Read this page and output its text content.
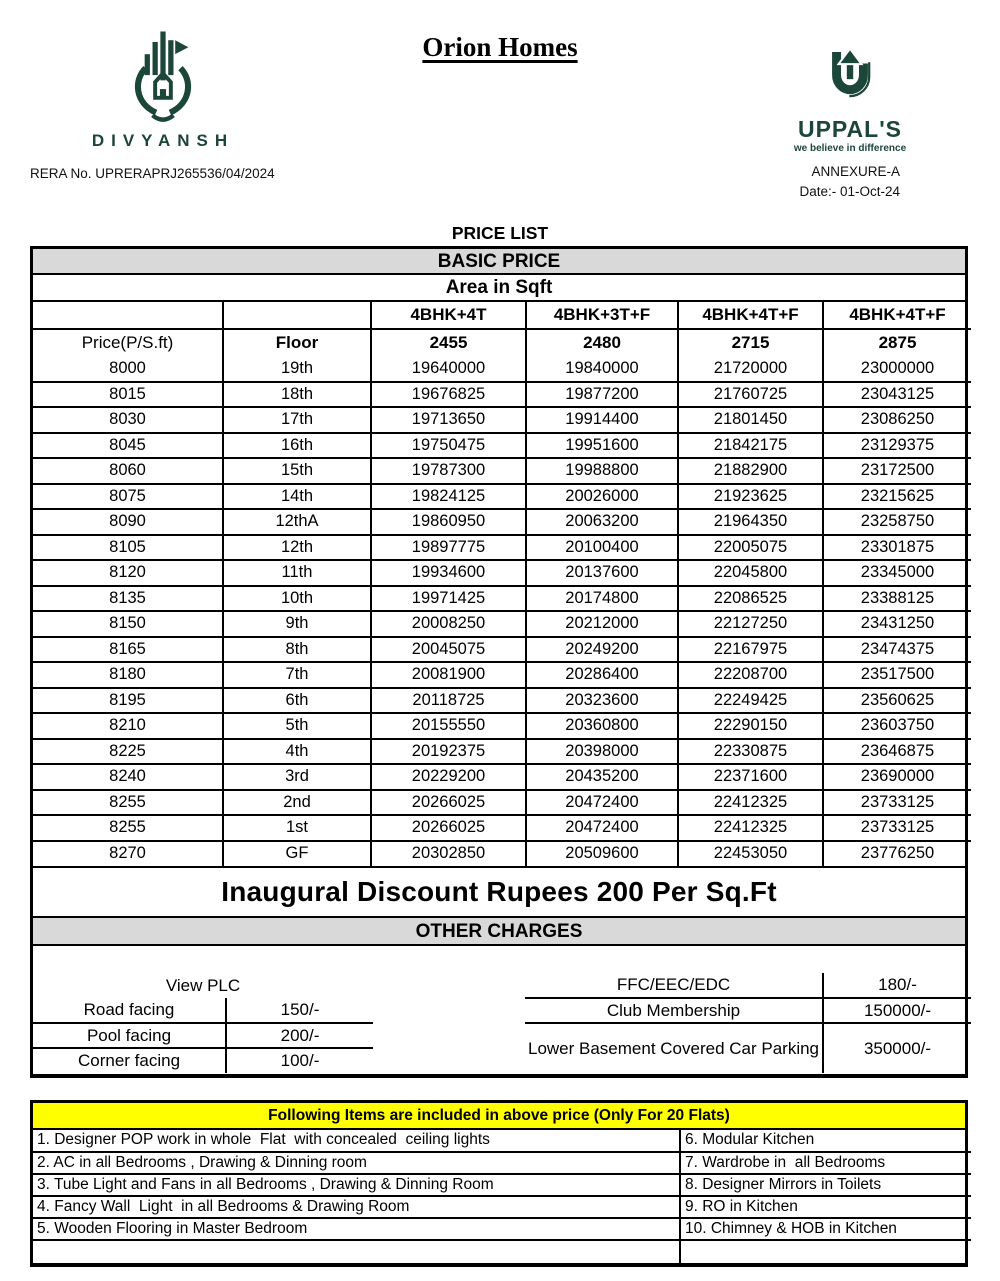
DIVYANSH
Orion Homes
UPPAL'S
we believe in difference
RERA No. UPRERAPRJ265536/04/2024	ANNEXURE-A
Date:- 01-Oct-24
PRICE LIST
BASIC PRICE
Area in Sqft
		4BHK+4T	4BHK+3T+F	4BHK+4T+F	4BHK+4T+F
Price(P/S.ft)	Floor	2455	2480	2715	2875
8000	19th	19640000	19840000	21720000	23000000
8015	18th	19676825	19877200	21760725	23043125
8030	17th	19713650	19914400	21801450	23086250
8045	16th	19750475	19951600	21842175	23129375
8060	15th	19787300	19988800	21882900	23172500
8075	14th	19824125	20026000	21923625	23215625
8090	12thA	19860950	20063200	21964350	23258750
8105	12th	19897775	20100400	22005075	23301875
8120	11th	19934600	20137600	22045800	23345000
8135	10th	19971425	20174800	22086525	23388125
8150	9th	20008250	20212000	22127250	23431250
8165	8th	20045075	20249200	22167975	23474375
8180	7th	20081900	20286400	22208700	23517500
8195	6th	20118725	20323600	22249425	23560625
8210	5th	20155550	20360800	22290150	23603750
8225	4th	20192375	20398000	22330875	23646875
8240	3rd	20229200	20435200	22371600	23690000
8255	2nd	20266025	20472400	22412325	23733125
8255	1st	20266025	20472400	22412325	23733125
8270	GF	20302850	20509600	22453050	23776250
Inaugural Discount Rupees 200 Per Sq.Ft
OTHER CHARGES
View PLC	
Road facing	150/-
Pool facing	200/-
Corner facing	100/-
FFC/EEC/EDC	180/-
Club Membership	150000/-
Lower Basement Covered Car Parking	350000/-
Following Items are included in above price (Only For 20 Flats)
1. Designer POP work in whole  Flat  with concealed  ceiling lights	6. Modular Kitchen
2. AC in all Bedrooms , Drawing & Dinning room	7. Wardrobe in  all Bedrooms
3. Tube Light and Fans in all Bedrooms , Drawing & Dinning Room	8. Designer Mirrors in Toilets
4. Fancy Wall  Light  in all Bedrooms & Drawing Room	9. RO in Kitchen
5. Wooden Flooring in Master Bedroom	10. Chimney & HOB in Kitchen
